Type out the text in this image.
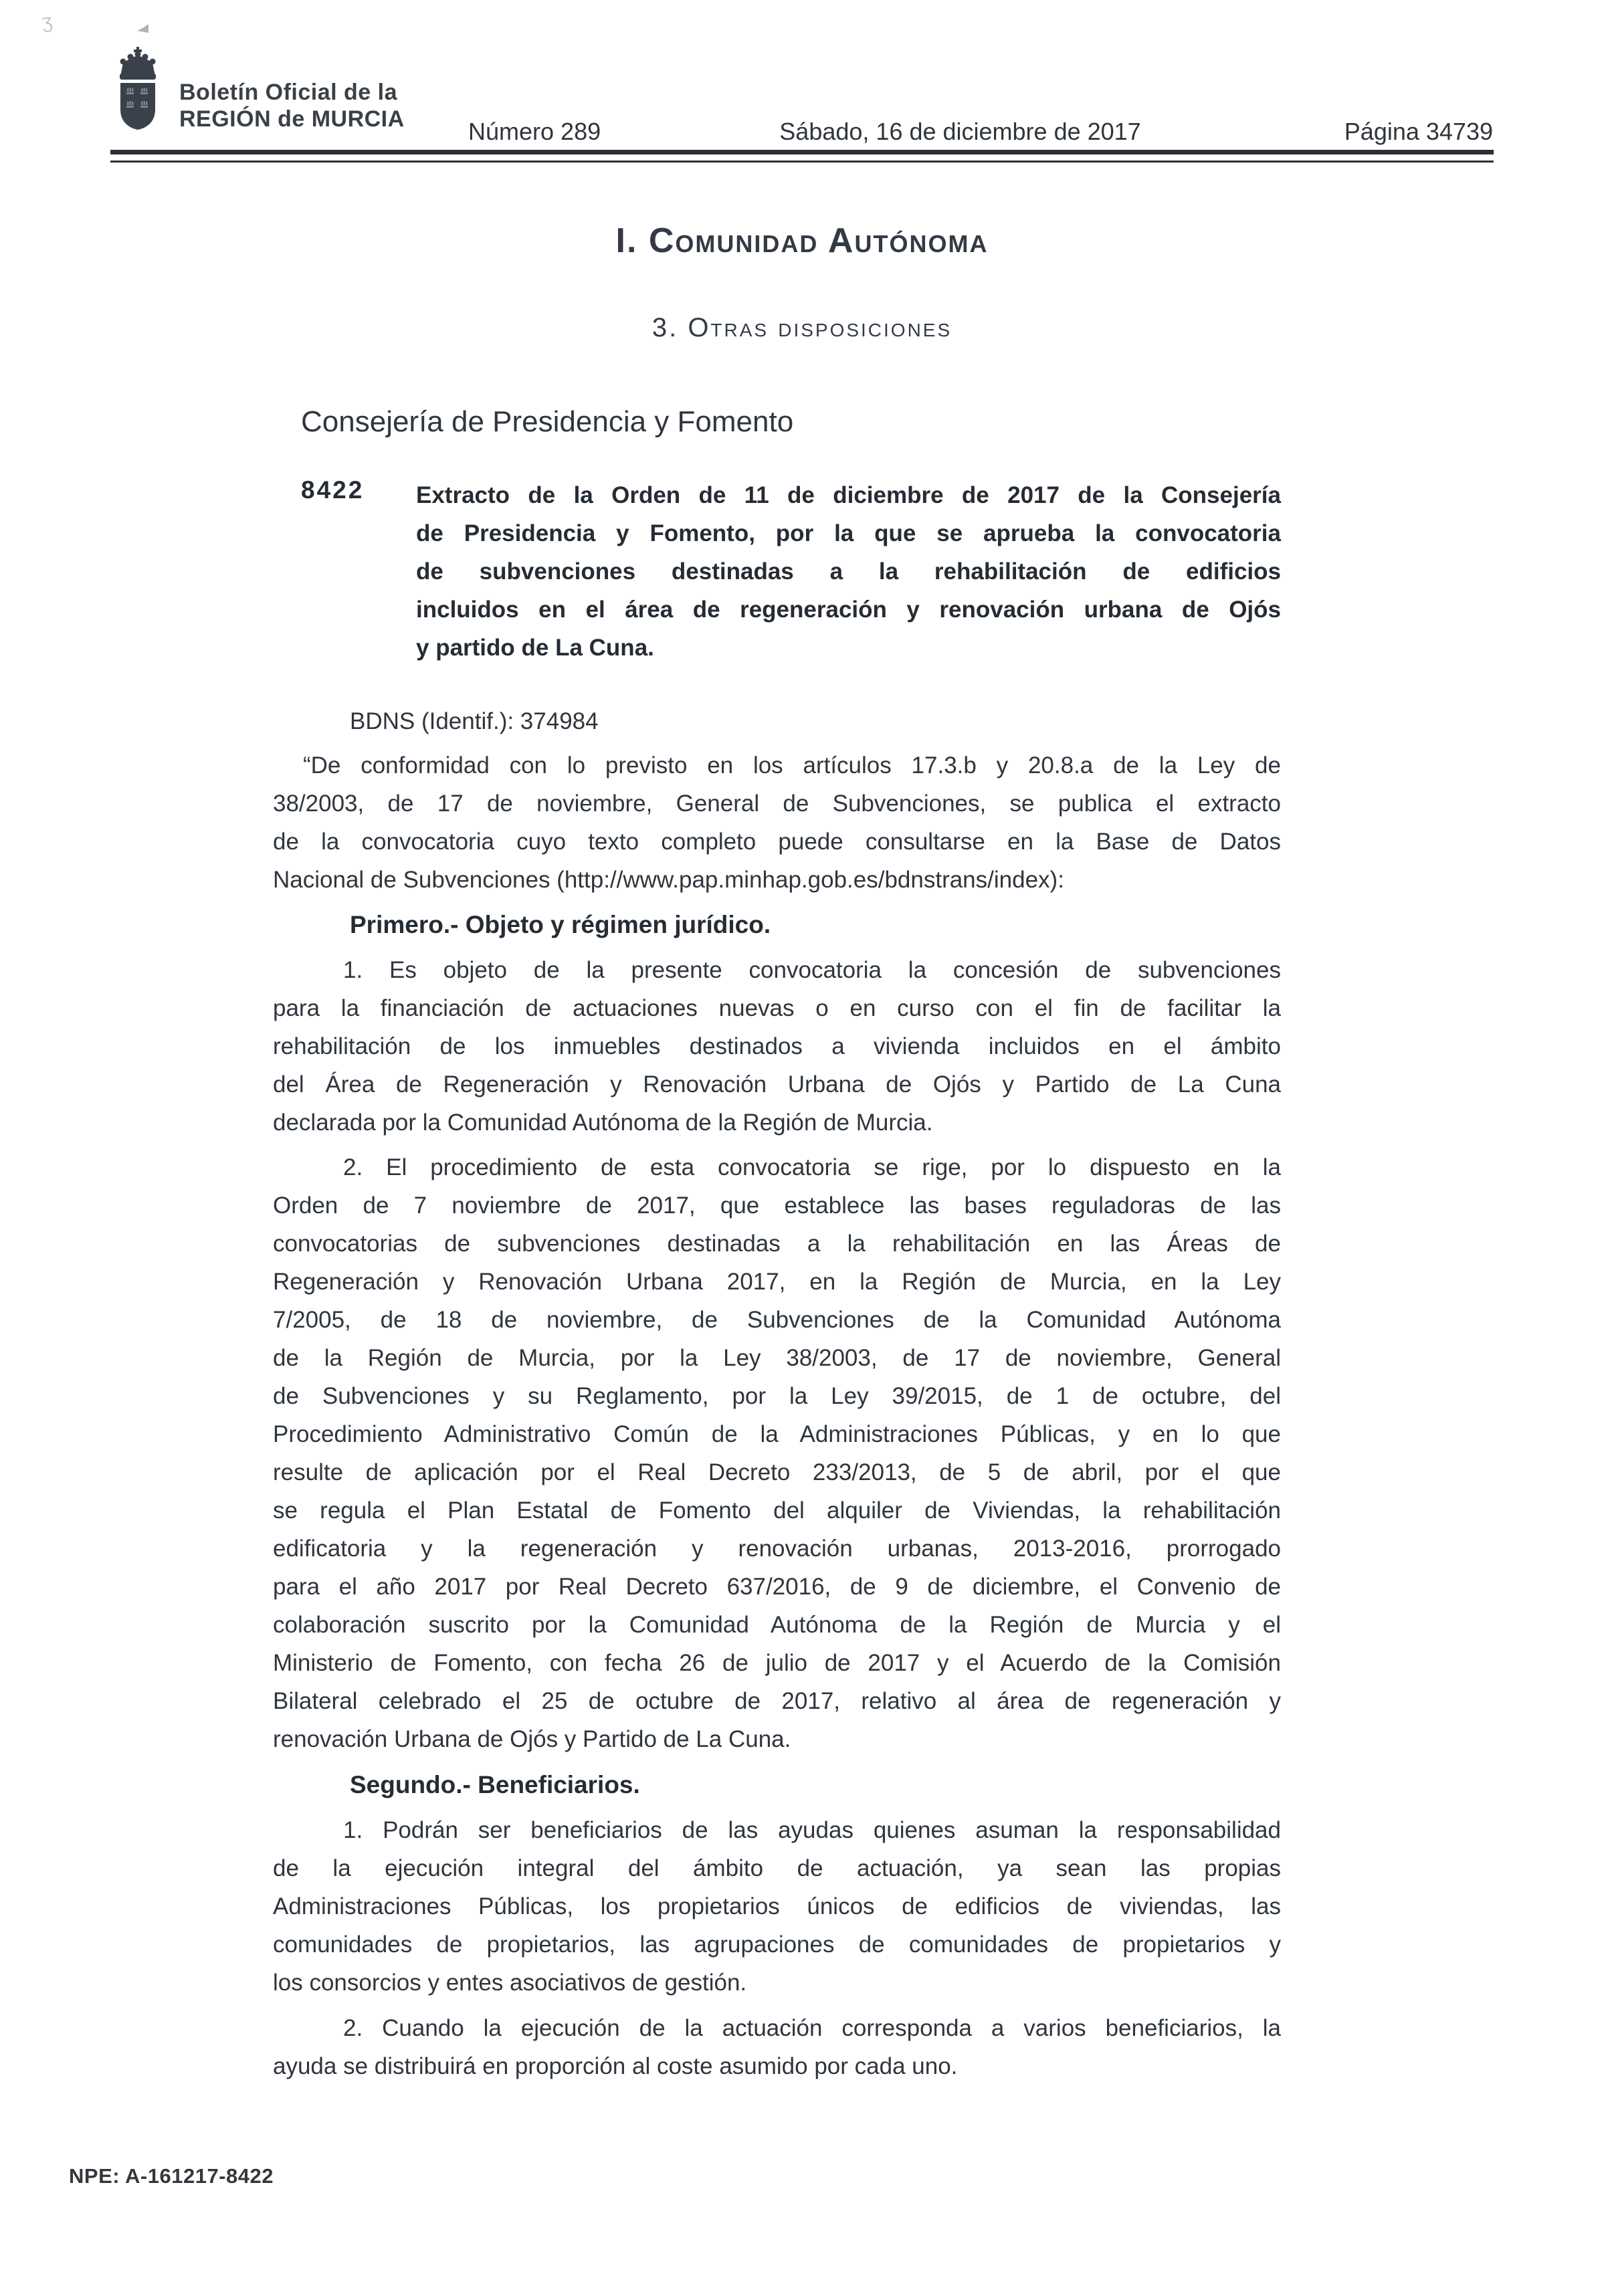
ʒ
Boletín Oficial de la
REGIÓN de MURCIA	Número 289	Sábado, 16 de diciembre de 2017	Página 34739
I. Comunidad Autónoma
3. Otras disposiciones
Consejería de Presidencia y Fomento
8422 Extracto de la Orden de 11 de diciembre de 2017 de la Consejería
de Presidencia y Fomento, por la que se aprueba la convocatoria
de subvenciones destinadas a la rehabilitación de edificios
incluidos en el área de regeneración y renovación urbana de Ojós
y partido de La Cuna.
BDNS (Identif.): 374984
“De conformidad con lo previsto en los artículos 17.3.b y 20.8.a de la Ley de
38/2003, de 17 de noviembre, General de Subvenciones, se publica el extracto
de la convocatoria cuyo texto completo puede consultarse en la Base de Datos
Nacional de Subvenciones (http://www.pap.minhap.gob.es/bdnstrans/index):
Primero.- Objeto y régimen jurídico.
1. Es objeto de la presente convocatoria la concesión de subvenciones
para la financiación de actuaciones nuevas o en curso con el fin de facilitar la
rehabilitación de los inmuebles destinados a vivienda incluidos en el ámbito
del Área de Regeneración y Renovación Urbana de Ojós y Partido de La Cuna
declarada por la Comunidad Autónoma de la Región de Murcia.
2. El procedimiento de esta convocatoria se rige, por lo dispuesto en la
Orden de 7 noviembre de 2017, que establece las bases reguladoras de las
convocatorias de subvenciones destinadas a la rehabilitación en las Áreas de
Regeneración y Renovación Urbana 2017, en la Región de Murcia, en la Ley
7/2005, de 18 de noviembre, de Subvenciones de la Comunidad Autónoma
de la Región de Murcia, por la Ley 38/2003, de 17 de noviembre, General
de Subvenciones y su Reglamento, por la Ley 39/2015, de 1 de octubre, del
Procedimiento Administrativo Común de la Administraciones Públicas, y en lo que
resulte de aplicación por el Real Decreto 233/2013, de 5 de abril, por el que
se regula el Plan Estatal de Fomento del alquiler de Viviendas, la rehabilitación
edificatoria y la regeneración y renovación urbanas, 2013-2016, prorrogado
para el año 2017 por Real Decreto 637/2016, de 9 de diciembre, el Convenio de
colaboración suscrito por la Comunidad Autónoma de la Región de Murcia y el
Ministerio de Fomento, con fecha 26 de julio de 2017 y el Acuerdo de la Comisión
Bilateral celebrado el 25 de octubre de 2017, relativo al área de regeneración y
renovación Urbana de Ojós y Partido de La Cuna.
Segundo.- Beneficiarios.
1. Podrán ser beneficiarios de las ayudas quienes asuman la responsabilidad
de la ejecución integral del ámbito de actuación, ya sean las propias
Administraciones Públicas, los propietarios únicos de edificios de viviendas, las
comunidades de propietarios, las agrupaciones de comunidades de propietarios y
los consorcios y entes asociativos de gestión.
2. Cuando la ejecución de la actuación corresponda a varios beneficiarios, la
ayuda se distribuirá en proporción al coste asumido por cada uno.
NPE: A-161217-8422
